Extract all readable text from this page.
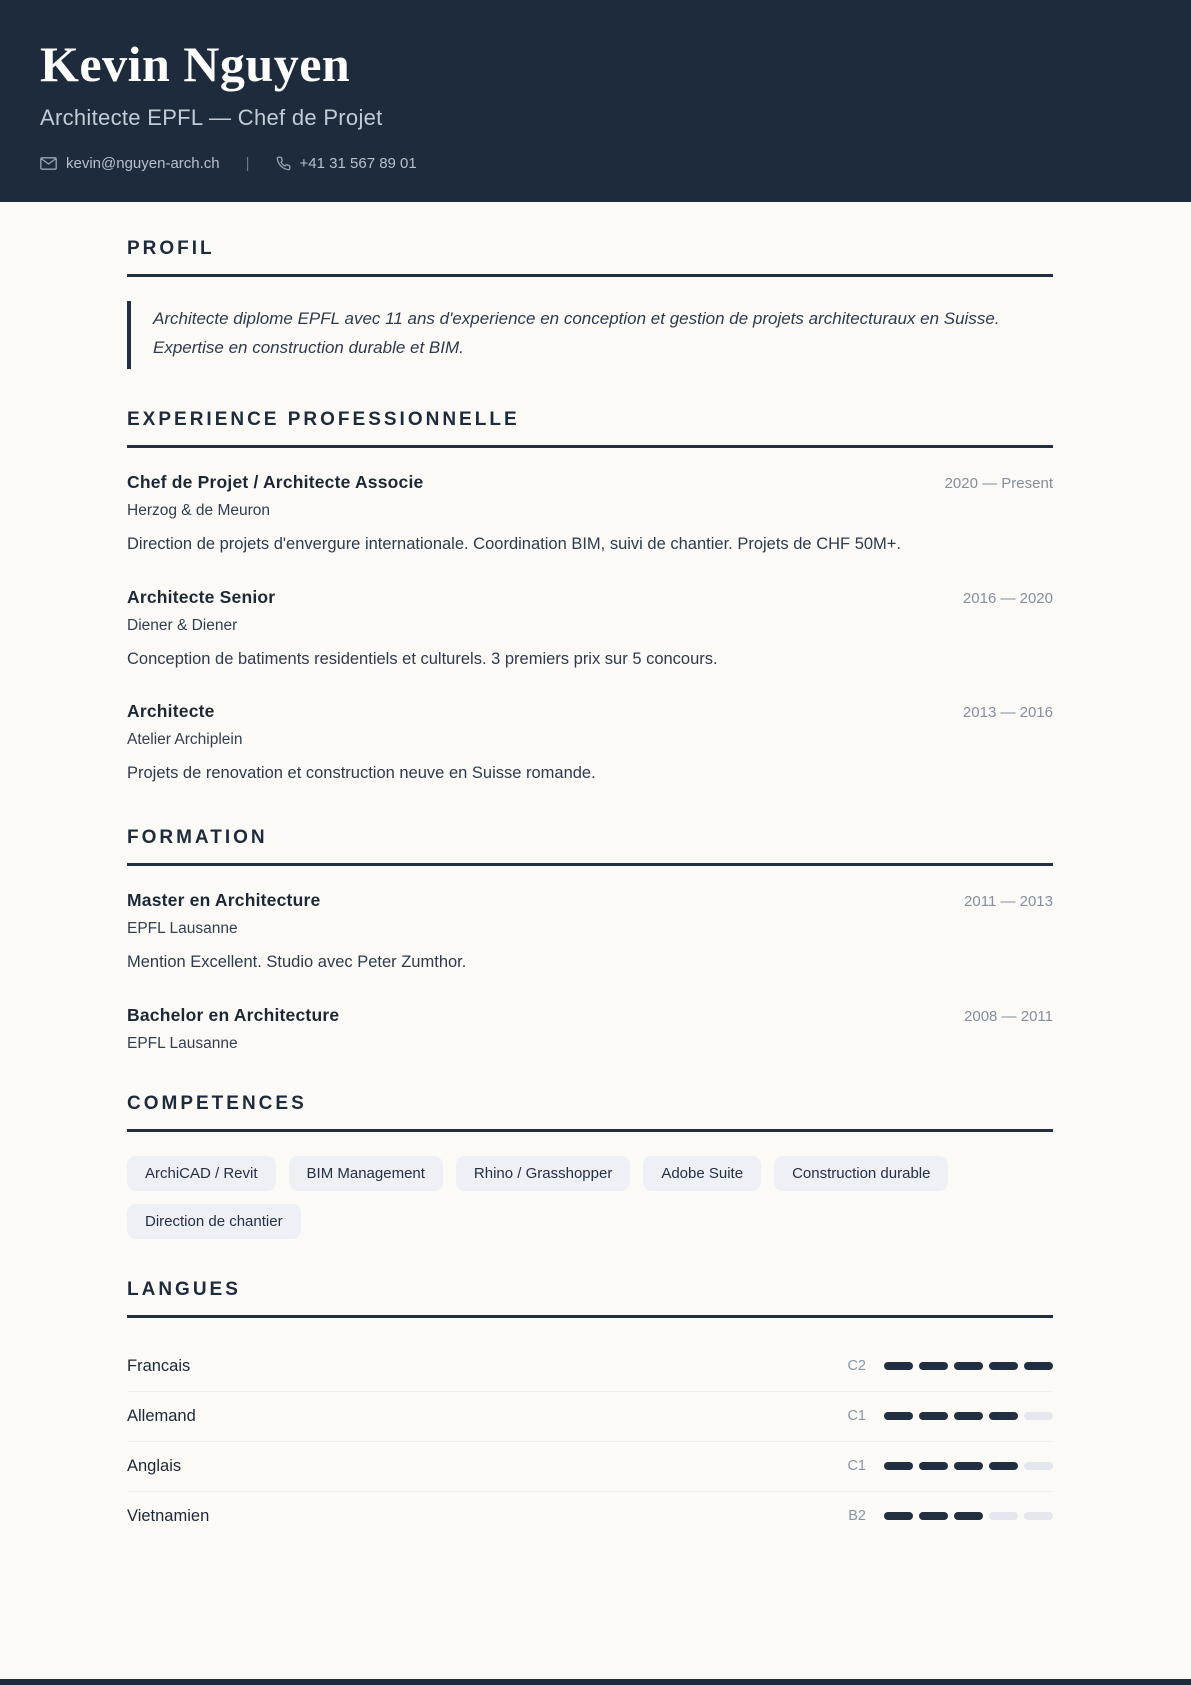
Kevin Nguyen
Architecte EPFL — Chef de Projet
kevin@nguyen-arch.ch |	+41 31 567 89 01
PROFIL
Architecte diplome EPFL avec 11 ans d'experience en conception et gestion de projets architecturaux en Suisse. Expertise en construction durable et BIM.
EXPERIENCE PROFESSIONNELLE
Chef de Projet / Architecte Associe	2020 — Present
Herzog & de Meuron

Direction de projets d'envergure internationale. Coordination BIM, suivi de chantier. Projets de CHF 50M+.

Architecte Senior	2016 — 2020
Diener & Diener

Conception de batiments residentiels et culturels. 3 premiers prix sur 5 concours.

Architecte	2013 — 2016
Atelier Archiplein

Projets de renovation et construction neuve en Suisse romande.

FORMATION
Master en Architecture	2011 — 2013
EPFL Lausanne

Mention Excellent. Studio avec Peter Zumthor.

Bachelor en Architecture	2008 — 2011
EPFL Lausanne
COMPETENCES
ArchiCAD / Revit	BIM Management	Rhino / Grasshopper	Adobe Suite	Construction durable
Direction de chantier
LANGUES
Francais	C2
Allemand	C1
Anglais	C1
Vietnamien	B2
